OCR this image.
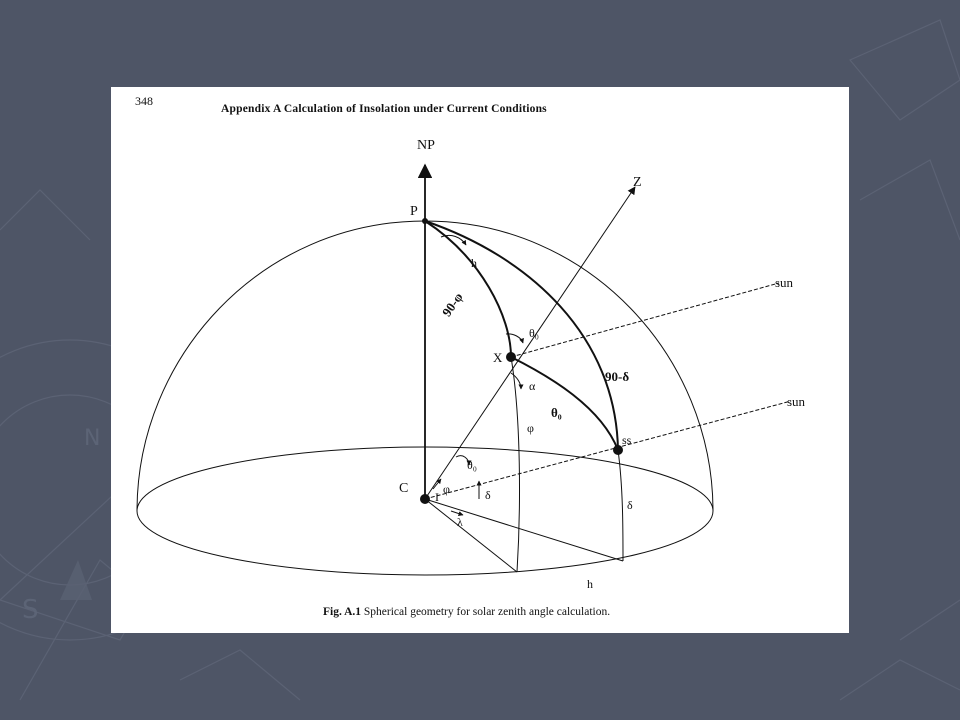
S
N
348
Appendix A Calculation of Insolation under Current Conditions
NP
P
Z
sun
sun
X
C
ss
90-φ
90-δ
h
h
θ₀
θ₀
α
θ₀
φ
φ	δ
δ
I
λ
Fig. A.1 Spherical geometry for solar zenith angle calculation.
